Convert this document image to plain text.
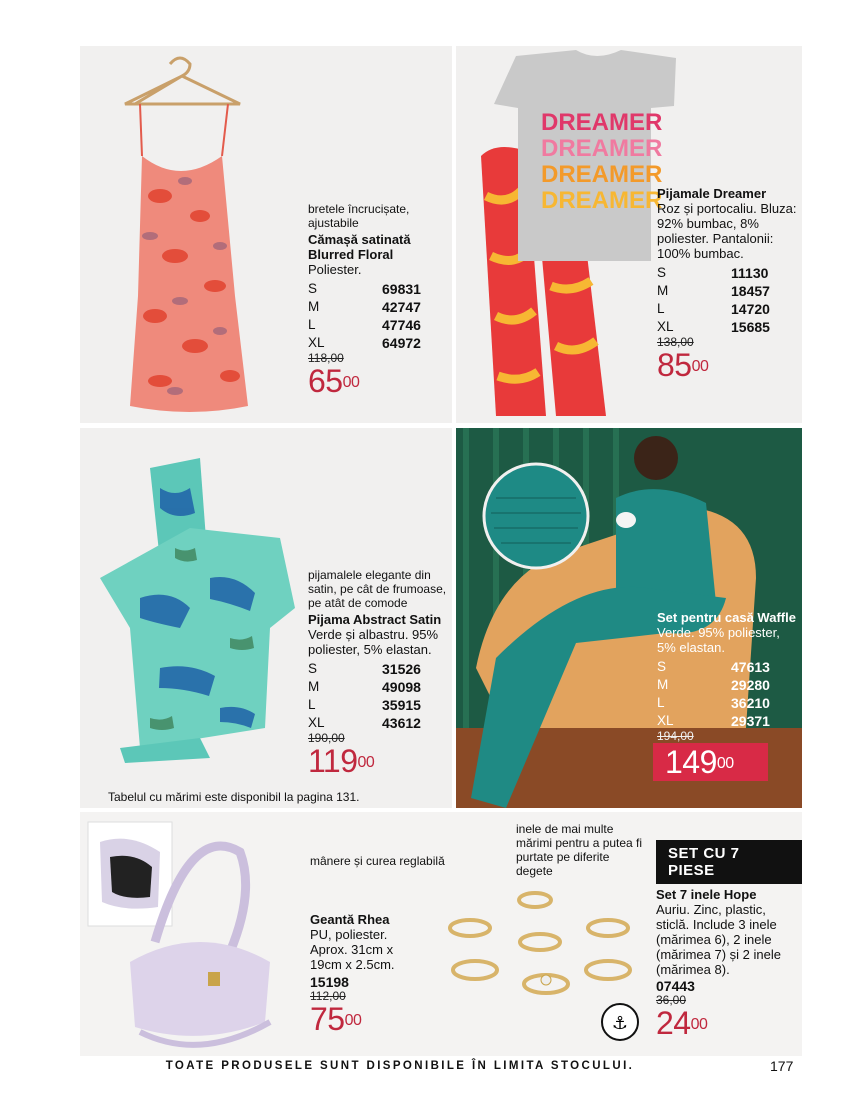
bretele încrucișate, ajustabile
Cămașă satinată Blurred Floral
Poliester.
S	69831
M	42747
L	47746
XL	64972
118,00
$65^{00}$
DREAMER
DREAMER
DREAMER
DREAMER
Pijamale Dreamer
Roz și portocaliu. Bluza: 92% bumbac, 8% poliester. Pantalonii: 100% bumbac.
S	11130
M	18457
L	14720
XL	15685
138,00
$85^{00}$
pijamalele elegante din satin, pe cât de frumoase, pe atât de comode
Pijama Abstract Satin
Verde și albastru. 95% poliester, 5% elastan.
S	31526
M	49098
L	35915
XL	43612
190,00
$119^{00}$
Tabelul cu mărimi este disponibil la pagina 131.
Set pentru casă Waffle
Verde. 95% poliester, 5% elastan.
S	47613
M	29280
L	36210
XL	29371
194,00
$149^{00}$
mânere și curea reglabilă
Geantă Rhea
PU, poliester. Aprox. 31cm x 19cm x 2.5cm.
15198
112,00
$75^{00}$
inele de mai multe mărimi pentru a putea fi purtate pe diferite degete
⚓
SET CU 7 PIESE
Set 7 inele Hope
Auriu. Zinc, plastic, sticlă. Include 3 inele (mărimea 6), 2 inele (mărimea 7) și 2 inele (mărimea 8).
07443
36,00
$24^{00}$
TOATE PRODUSELE SUNT DISPONIBILE ÎN LIMITA STOCULUI.	177
